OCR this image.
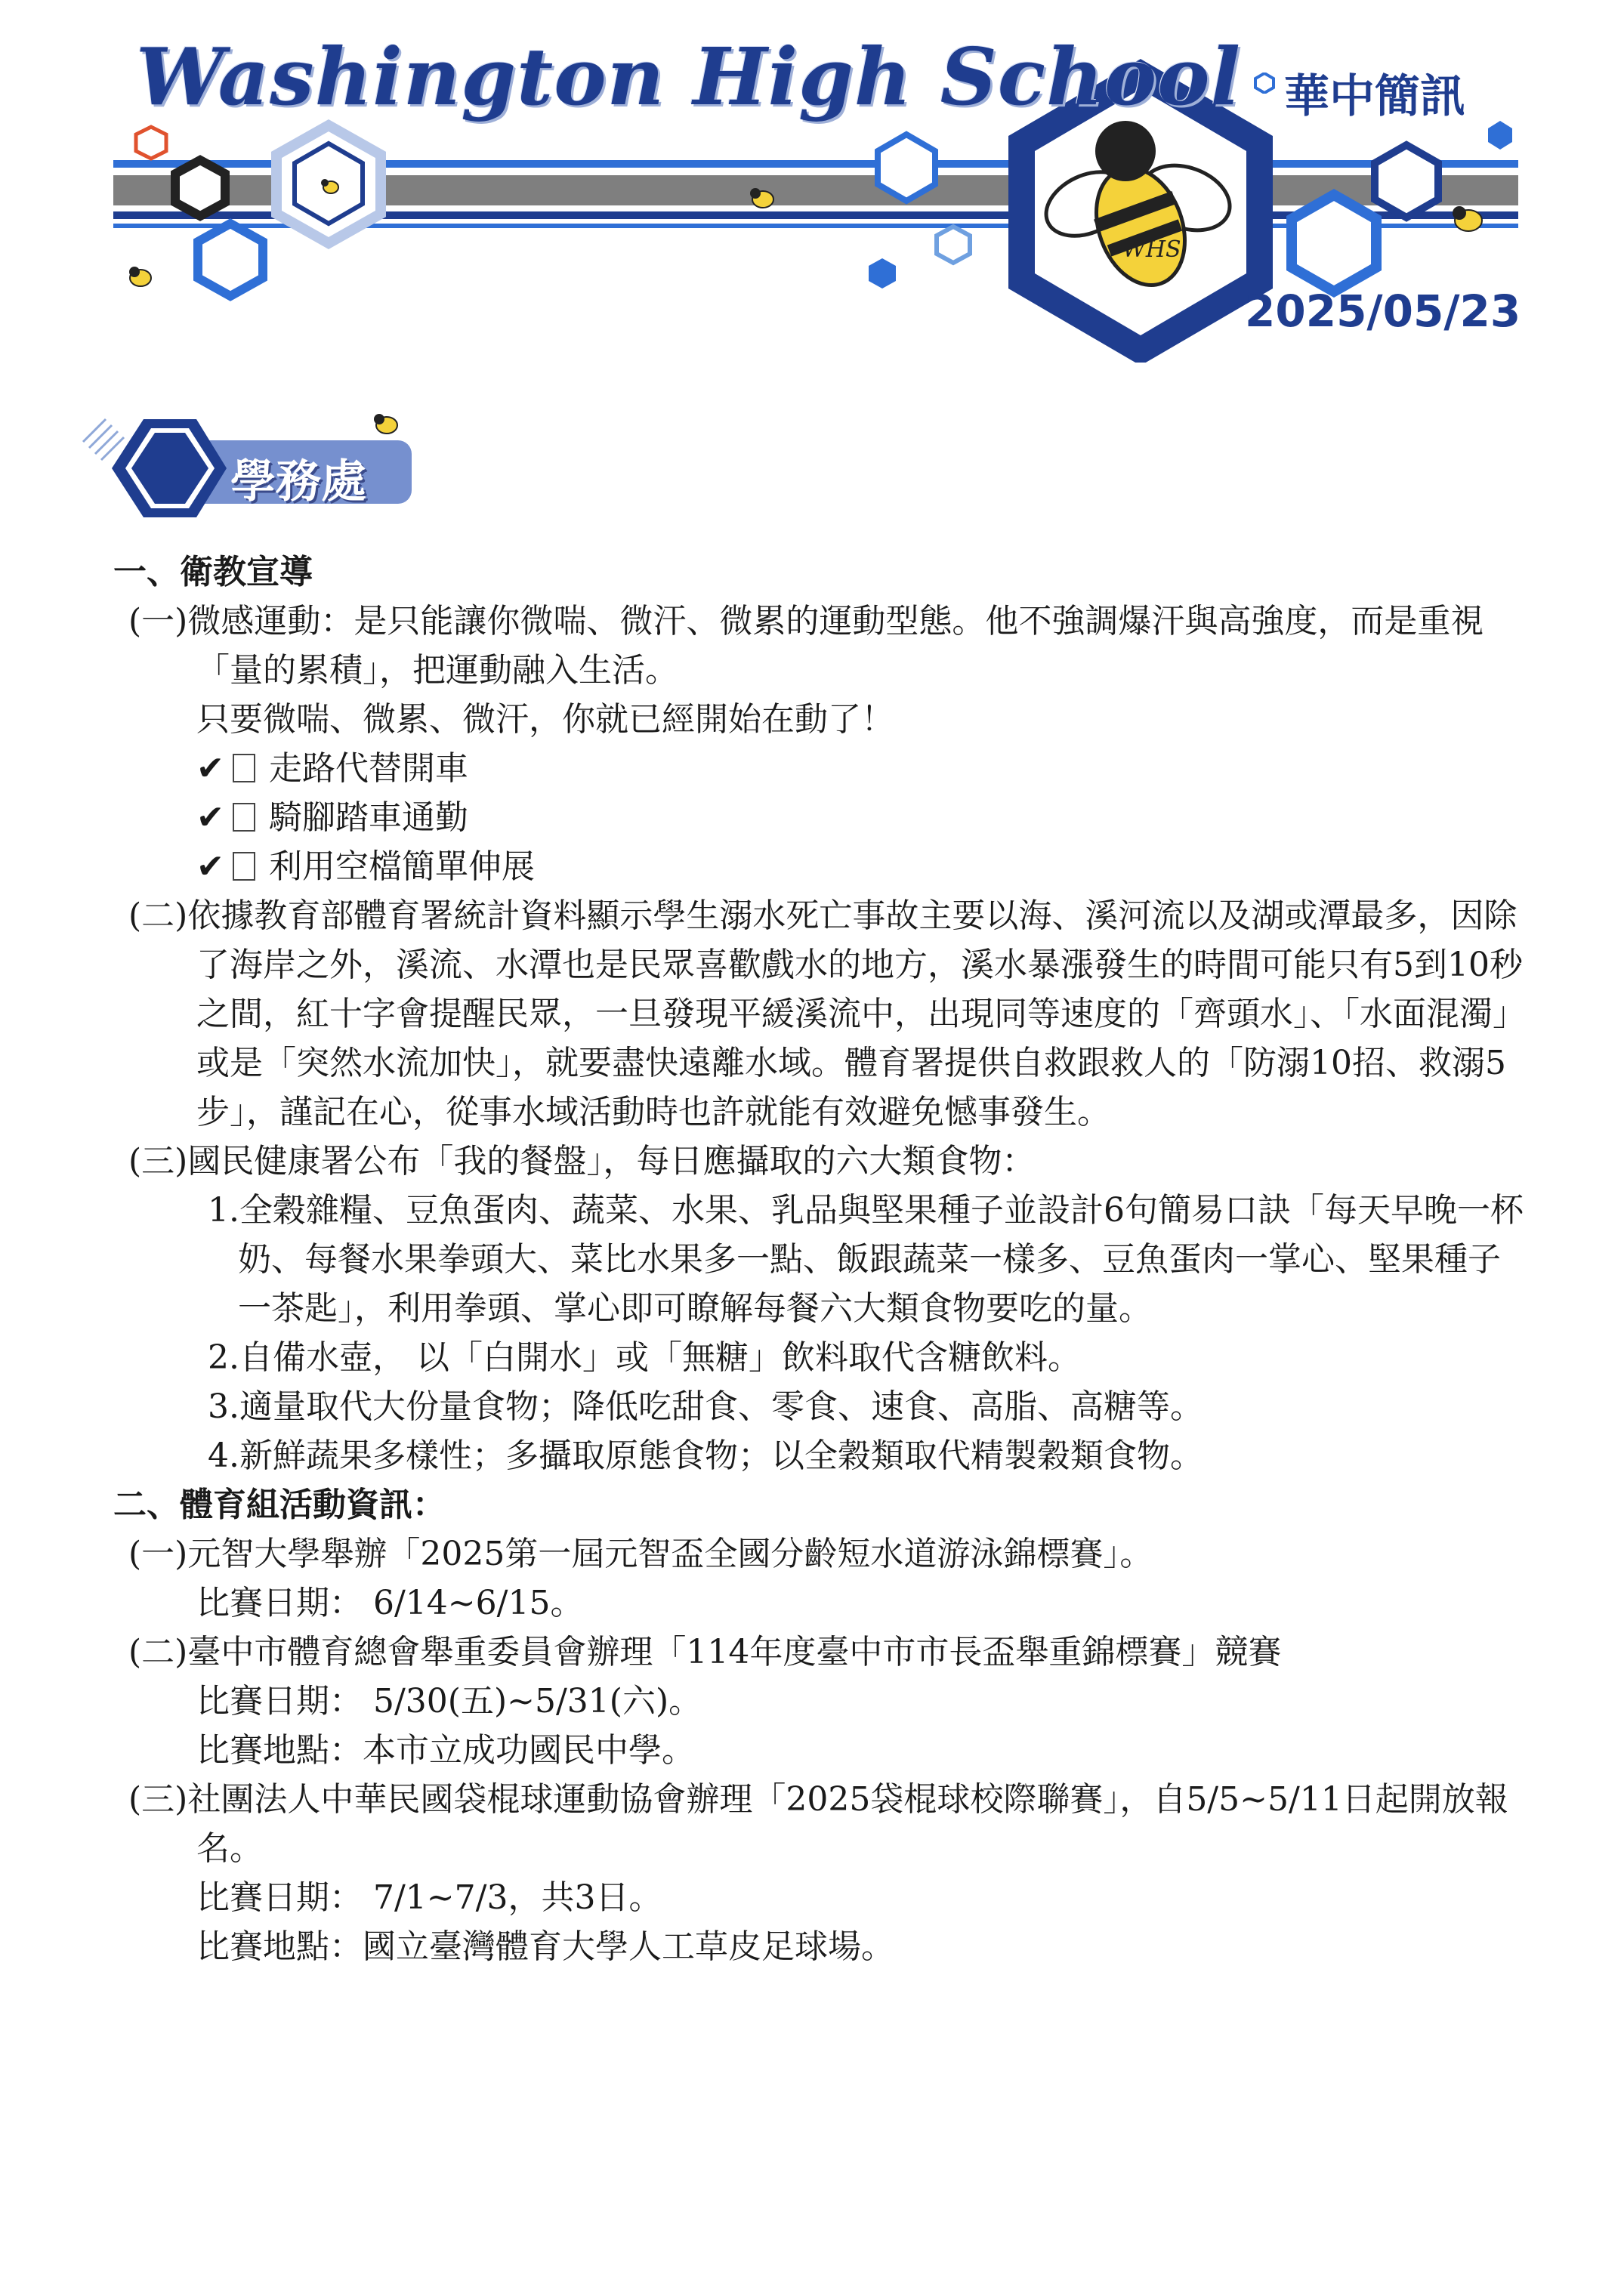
WHS
Washington High School 華中簡訊
2025/05/23
學務處
一、衛教宣導
(一)微感運動：是只能讓你微喘、微汗、微累的運動型態。他不強調爆汗與高強度，而是重視「量的累積」，把運動融入生活。
只要微喘、微累、微汗，你就已經開始在動了！
✔ 走路代替開車
✔ 騎腳踏車通勤
✔ 利用空檔簡單伸展
(二)依據教育部體育署統計資料顯示學生溺水死亡事故主要以海、溪河流以及湖或潭最多，因除了海岸之外，溪流、水潭也是民眾喜歡戲水的地方，溪水暴漲發生的時間可能只有5到10秒之間，紅十字會提醒民眾，一旦發現平緩溪流中，出現同等速度的「齊頭水」、「水面混濁」或是「突然水流加快」，就要盡快遠離水域。體育署提供自救跟救人的「防溺10招、救溺5步」，謹記在心，從事水域活動時也許就能有效避免憾事發生。
(三)國民健康署公布「我的餐盤」，每日應攝取的六大類食物：
1.全穀雜糧、豆魚蛋肉、蔬菜、水果、乳品與堅果種子並設計6句簡易口訣「每天早晚一杯奶、每餐水果拳頭大、菜比水果多一點、飯跟蔬菜一樣多、豆魚蛋肉一掌心、堅果種子一茶匙」，利用拳頭、掌心即可瞭解每餐六大類食物要吃的量。
2.自備水壺， 以「白開水」或「無糖」飲料取代含糖飲料。
3.適量取代大份量食物；降低吃甜食、零食、速食、高脂、高糖等。
4.新鮮蔬果多樣性；多攝取原態食物；以全穀類取代精製穀類食物。
二、體育組活動資訊：
(一)元智大學舉辦「2025第一屆元智盃全國分齡短水道游泳錦標賽」。
比賽日期： 6/14~6/15。
(二)臺中市體育總會舉重委員會辦理「114年度臺中市市長盃舉重錦標賽」競賽
比賽日期： 5/30(五)~5/31(六)。
比賽地點：本市立成功國民中學。
(三)社團法人中華民國袋棍球運動協會辦理「2025袋棍球校際聯賽」，自5/5~5/11日起開放報名。
比賽日期： 7/1~7/3，共3日。
比賽地點：國立臺灣體育大學人工草皮足球場。
